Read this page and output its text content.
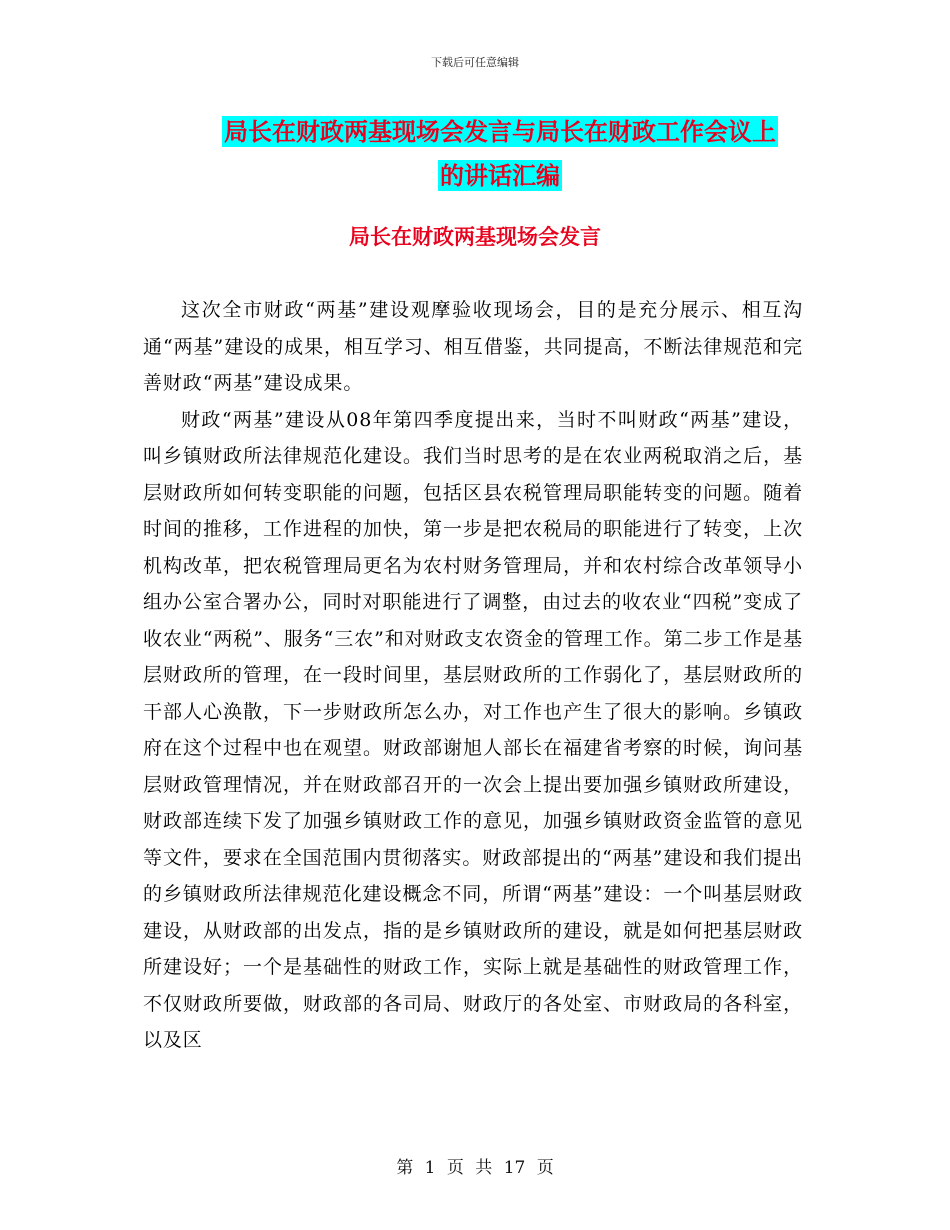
下载后可任意编辑
局长在财政两基现场会发言与局长在财政工作会议上
的讲话汇编
局长在财政两基现场会发言

这次全市财政“两基”建设观摩验收现场会，目的是充分展示、相互沟通“两基”建设的成果，相互学习、相互借鉴，共同提高，不断法律规范和完善财政“两基”建设成果。

财政“两基”建设从08年第四季度提出来，当时不叫财政“两基”建设，叫乡镇财政所法律规范化建设。我们当时思考的是在农业两税取消之后，基层财政所如何转变职能的问题，包括区县农税管理局职能转变的问题。随着时间的推移，工作进程的加快，第一步是把农税局的职能进行了转变，上次机构改革，把农税管理局更名为农村财务管理局，并和农村综合改革领导小组办公室合署办公，同时对职能进行了调整，由过去的收农业“四税”变成了收农业“两税”、服务“三农”和对财政支农资金的管理工作。第二步工作是基层财政所的管理，在一段时间里，基层财政所的工作弱化了，基层财政所的干部人心涣散，下一步财政所怎么办，对工作也产生了很大的影响。乡镇政府在这个过程中也在观望。财政部谢旭人部长在福建省考察的时候，询问基层财政管理情况，并在财政部召开的一次会上提出要加强乡镇财政所建设，财政部连续下发了加强乡镇财政工作的意见，加强乡镇财政资金监管的意见等文件，要求在全国范围内贯彻落实。财政部提出的“两基”建设和我们提出的乡镇财政所法律规范化建设概念不同，所谓“两基”建设：一个叫基层财政建设，从财政部的出发点，指的是乡镇财政所的建设，就是如何把基层财政所建设好；一个是基础性的财政工作，实际上就是基础性的财政管理工作，不仅财政所要做，财政部的各司局、财政厅的各处室、市财政局的各科室，以及区

第 1 页 共 17 页
